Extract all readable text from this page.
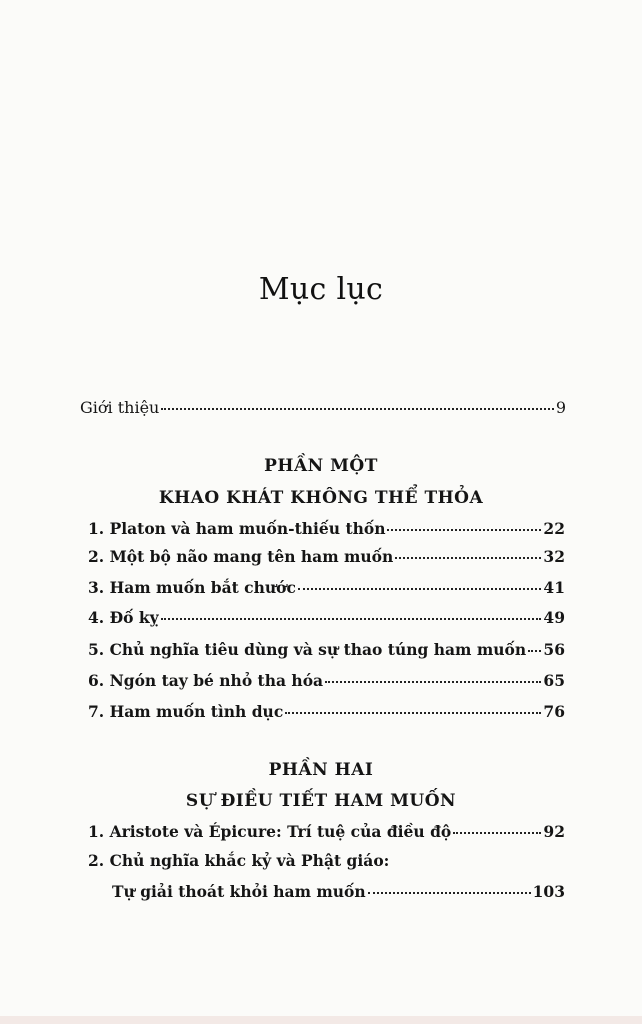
Mục lục
Giới thiệu	9
PHẦN MỘT
KHAO KHÁT KHÔNG THỂ THỎA
1. Platon và ham muốn-thiếu thốn	22
2. Một bộ não mang tên ham muốn	32
3. Ham muốn bắt chước	41
4. Đố kỵ	49
5. Chủ nghĩa tiêu dùng và sự thao túng ham muốn 56
6. Ngón tay bé nhỏ tha hóa	65
7. Ham muốn tình dục	76
PHẦN HAI
SỰ ĐIỀU TIẾT HAM MUỐN
1. Aristote và Épicure: Trí tuệ của điều độ	92
2. Chủ nghĩa khắc kỷ và Phật giáo:
Tự giải thoát khỏi ham muốn	103
